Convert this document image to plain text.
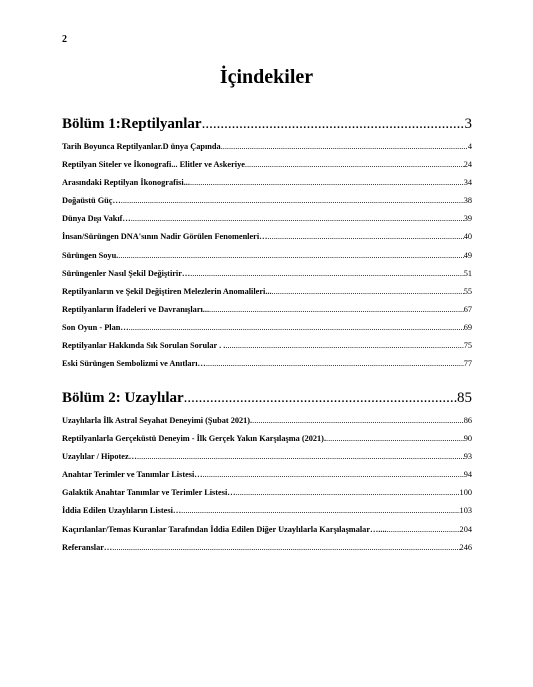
2
İçindekiler
Bölüm 1:Reptilyanlar .....	3
Tarih Boyunca Reptilyanlar.D ünya Çapında .....	4
Reptilyan Siteler ve İkonografi... Elitler ve Askeriye .....	24
Arasındaki Reptilyan İkonografisi... .....	34
Doğaüstü Güç… .....	38
Dünya Dışı Vakıf… .....	39
İnsan/Sürüngen DNA'sının Nadir Görülen Fenomenleri… .....	40
Sürüngen Soyu. .....	49
Sürüngenler Nasıl Şekil Değiştirir… .....	51
Reptilyanların ve Şekil Değiştiren Melezlerin Anomalileri... .....	55
Reptilyanların İfadeleri ve Davranışları... .....	67
Son Oyun - Plan… .....	69
Reptilyanlar Hakkında Sık Sorulan Sorular . . .....	75
Eski Sürüngen Sembolizmi ve Anıtları… .....	77
Bölüm 2: Uzaylılar .....	85
Uzaylılarla İlk Astral Seyahat Deneyimi (Şubat 2021). .....	86
Reptilyanlarla Gerçeküstü Deneyim - İlk Gerçek Yakın Karşılaşma (2021). .....	90
Uzaylılar / Hipotez… .....	93
Anahtar Terimler ve Tanımlar Listesi… .....	94
Galaktik Anahtar Tanımlar ve Terimler Listesi… .....	100
İddia Edilen Uzaylıların Listesi… .....	103
Kaçırılanlar/Temas Kuranlar Tarafından İddia Edilen Diğer Uzaylılarla Karşılaşmalar….... .....	204
Referanslar… .....	246
